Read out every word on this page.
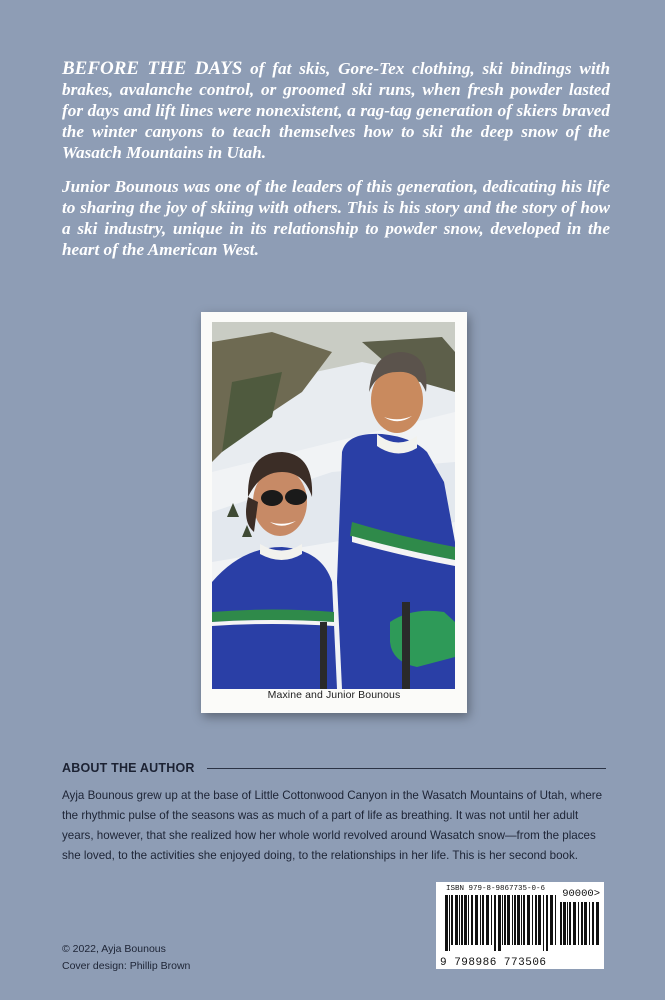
BEFORE THE DAYS of fat skis, Gore-Tex clothing, ski bindings with brakes, avalanche control, or groomed ski runs, when fresh powder lasted for days and lift lines were nonexistent, a rag-tag generation of skiers braved the winter canyons to teach themselves how to ski the deep snow of the Wasatch Mountains in Utah.

Junior Bounous was one of the leaders of this generation, dedicating his life to sharing the joy of skiing with others. This is his story and the story of how a ski industry, unique in its relationship to powder snow, developed in the heart of the American West.

Maxine and Junior Bounous
ABOUT THE AUTHOR

Ayja Bounous grew up at the base of Little Cottonwood Canyon in the Wasatch Mountains of Utah, where the rhythmic pulse of the seasons was as much of a part of life as breathing. It was not until her adult years, however, that she realized how her whole world revolved around Wasatch snow—from the places she loved, to the activities she enjoyed doing, to the relationships in her life. This is her second book.

© 2022, Ayja Bounous
Cover design: Phillip Brown
ISBN 979-8-9867735-0-6 90000>
9 798986 773506
